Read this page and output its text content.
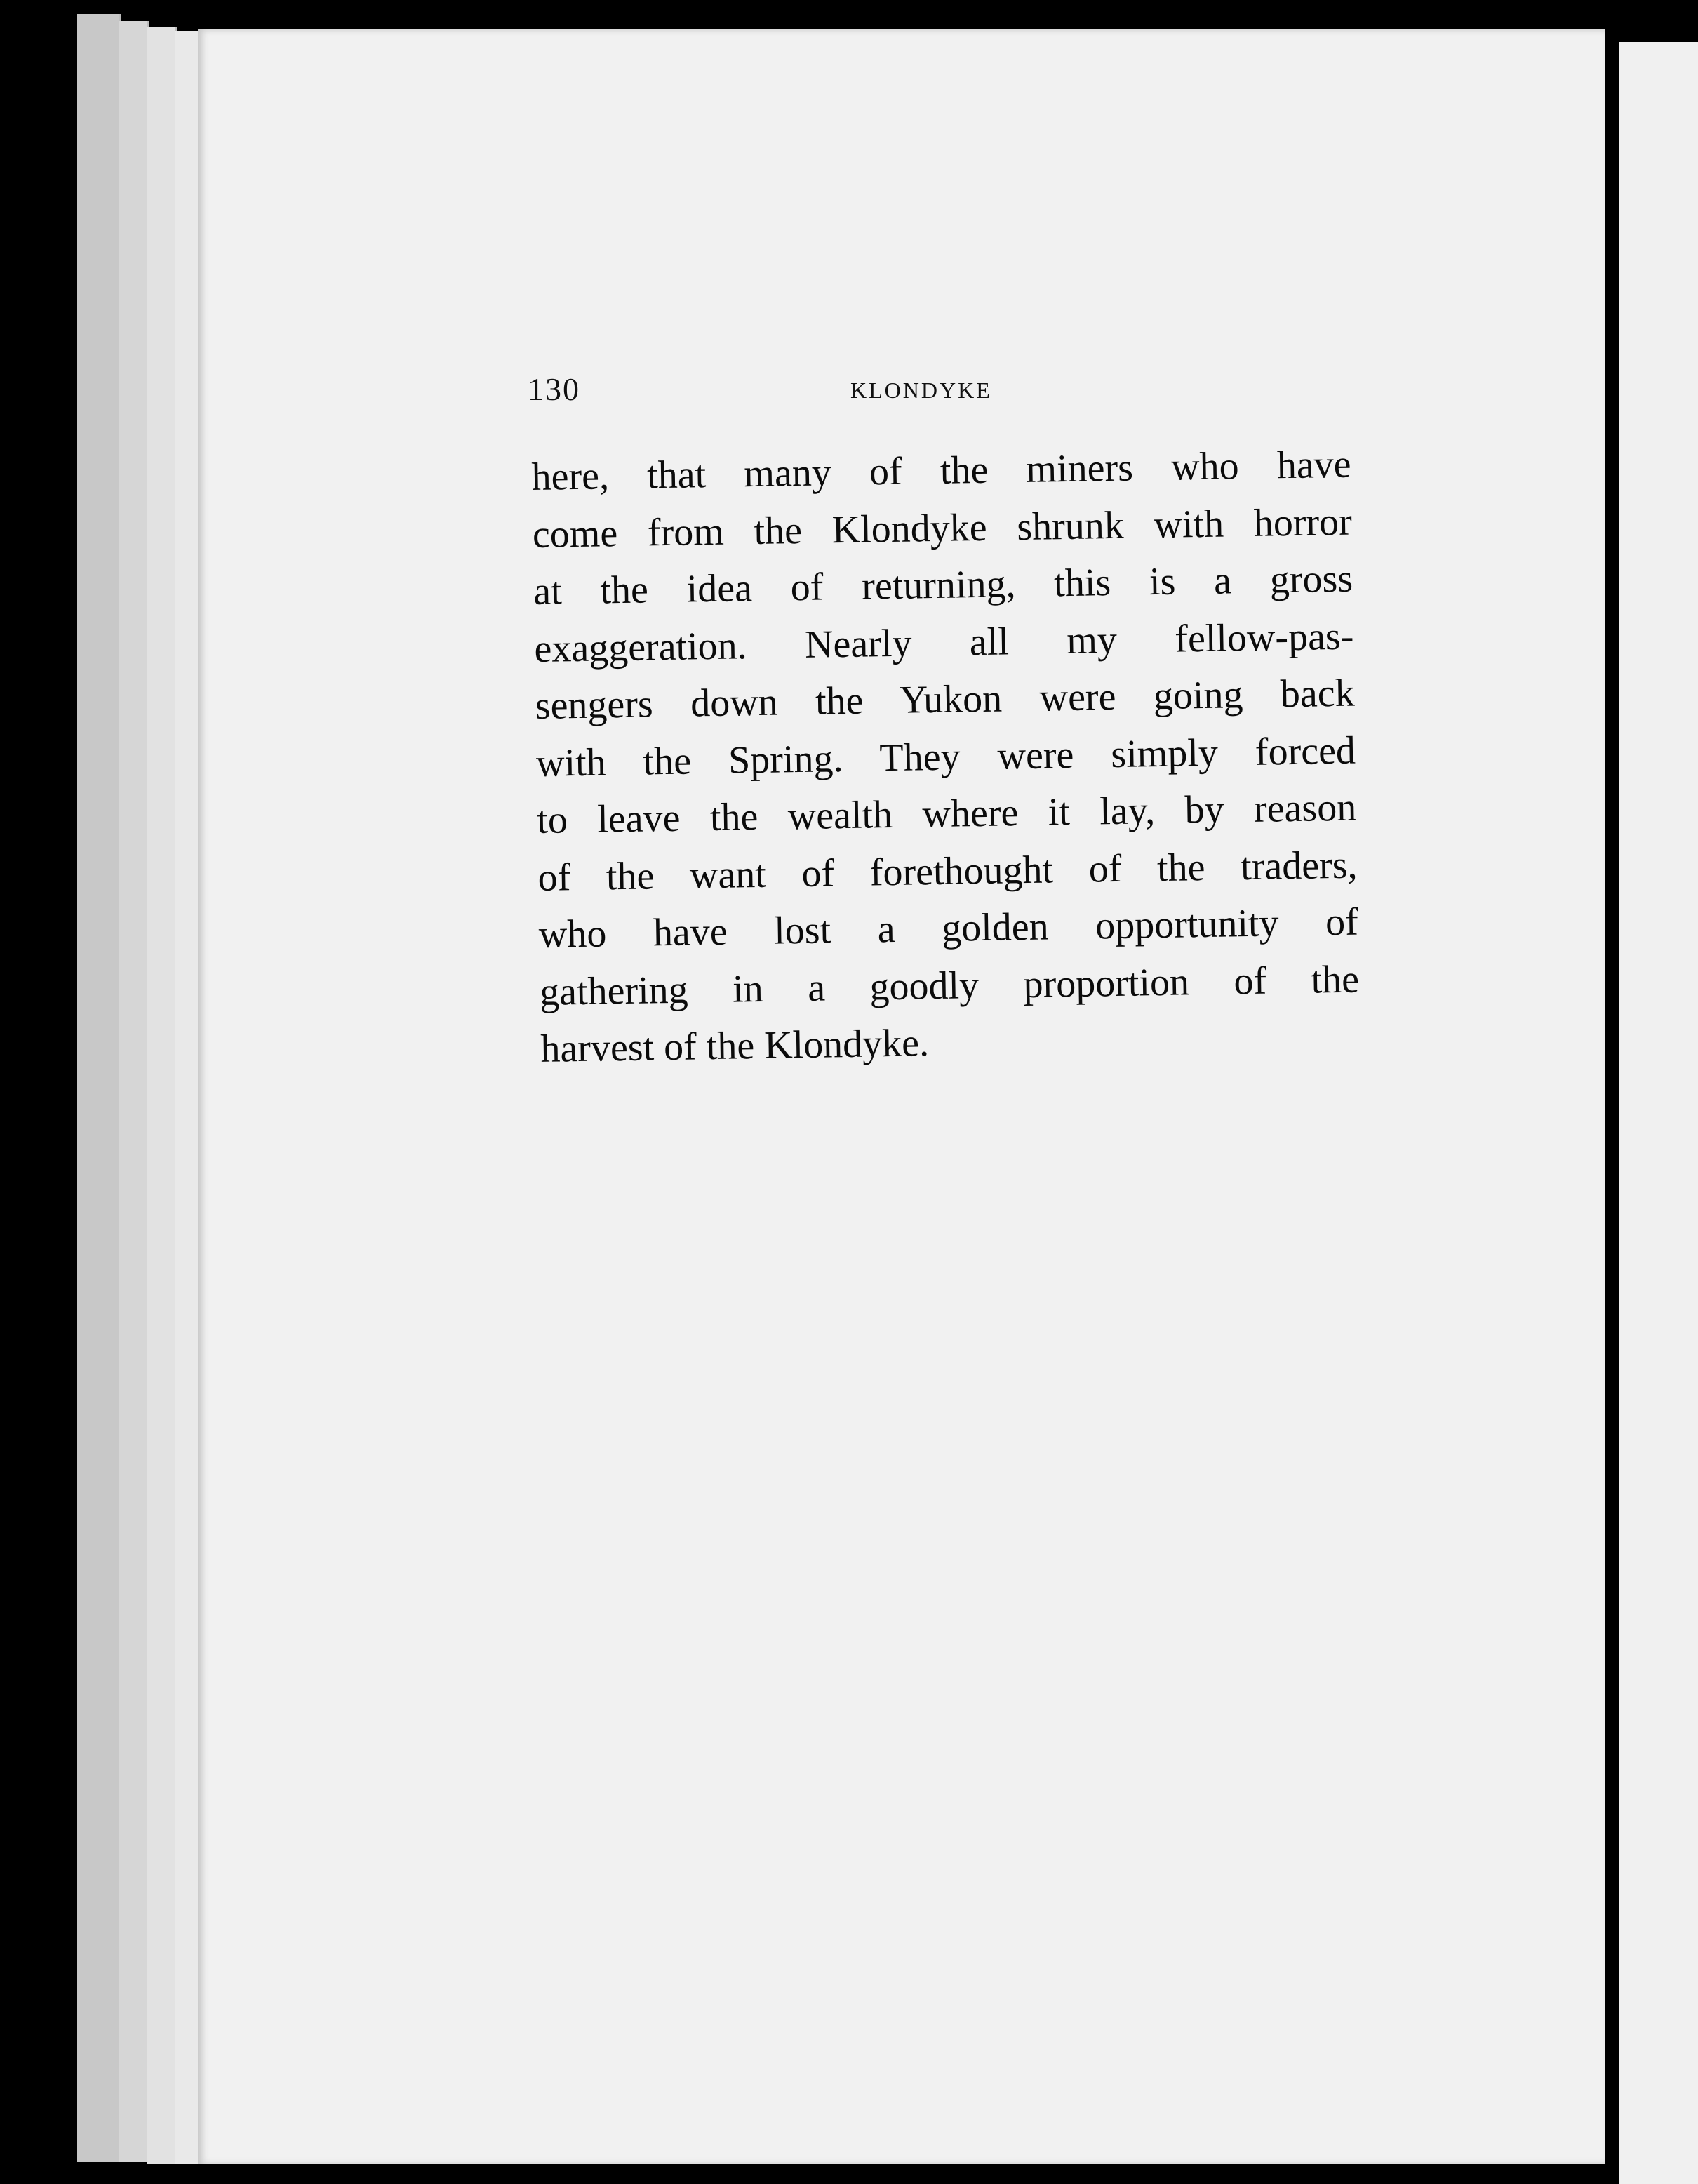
130	KLONDYKE
here, that many of the miners who have
come from the Klondyke shrunk with horror
at the idea of returning, this is a gross
exaggeration. Nearly all my fellow-pas-
sengers down the Yukon were going back
with the Spring. They were simply forced
to leave the wealth where it lay, by reason
of the want of forethought of the traders,
who have lost a golden opportunity of
gathering in a goodly proportion of the
harvest of the Klondyke.
